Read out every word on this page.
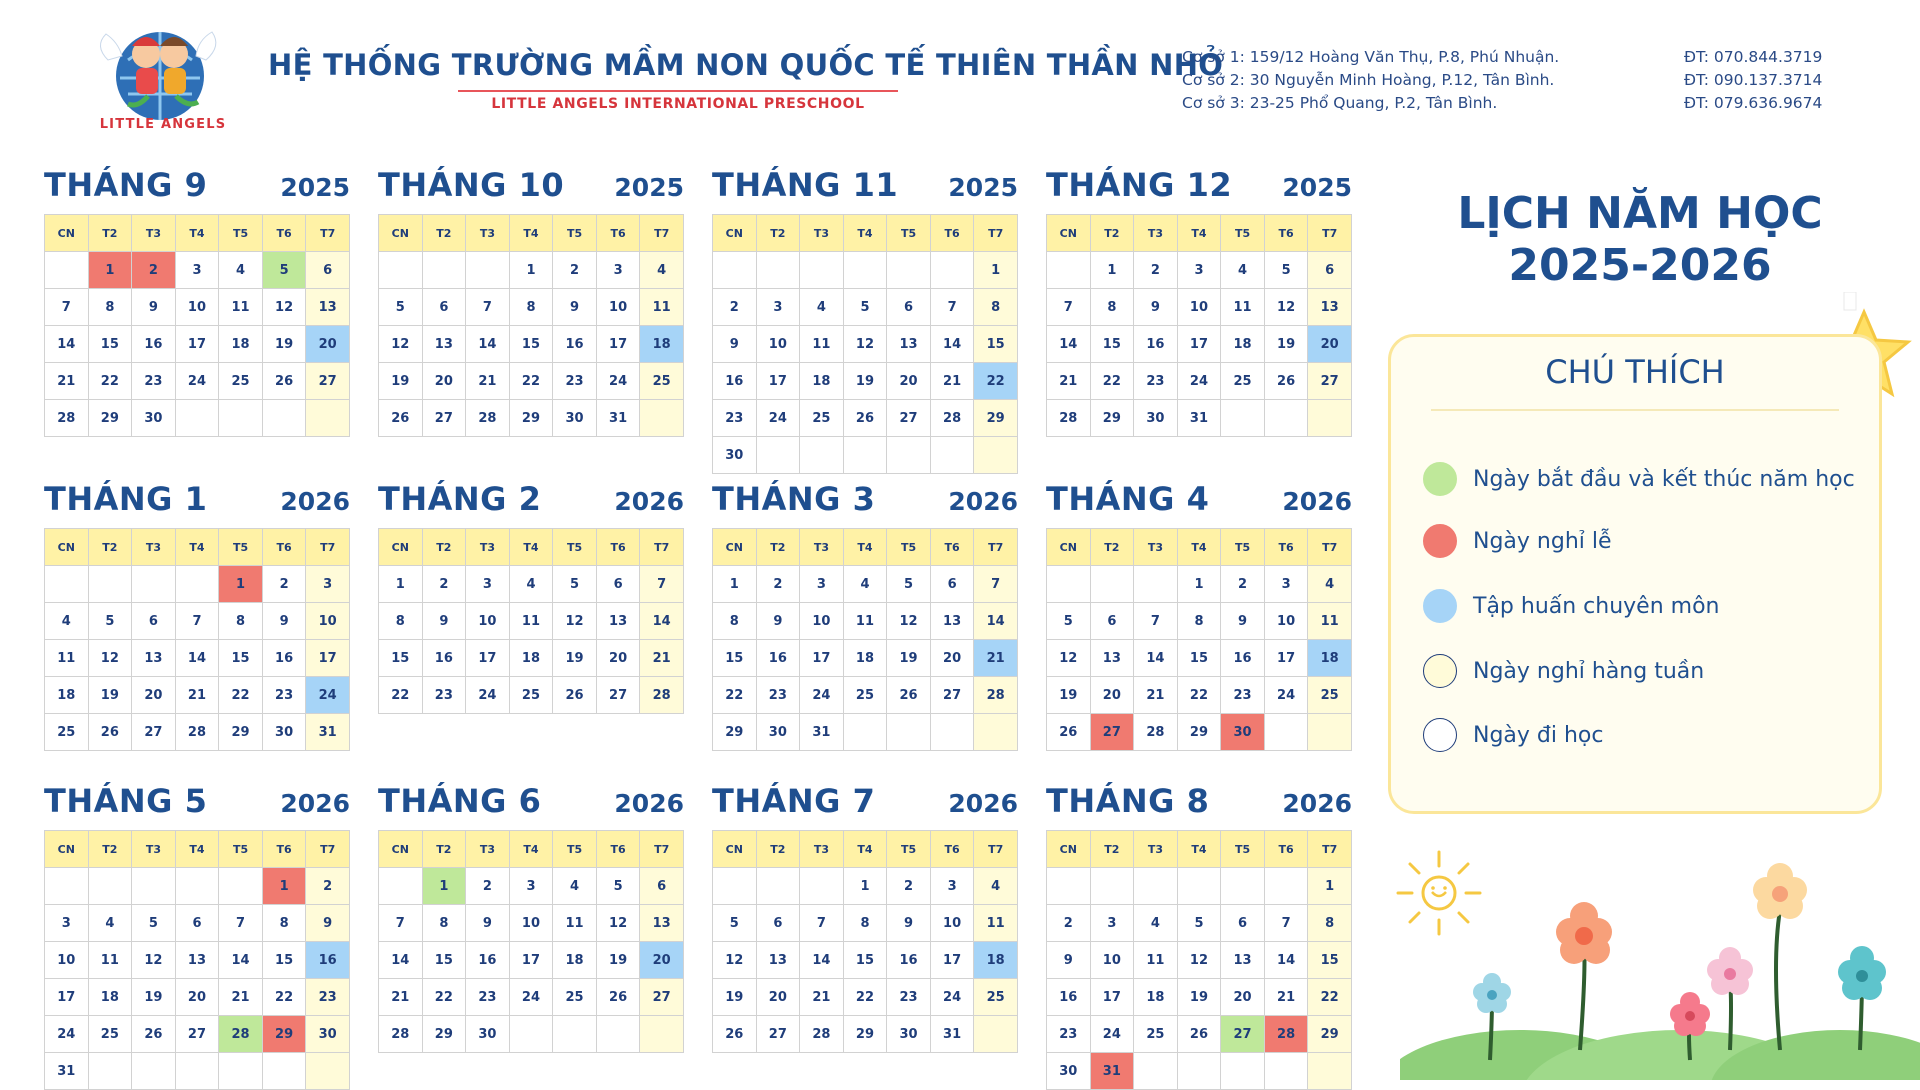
LITTLE ANGELS
HỆ THỐNG TRƯỜNG MẦM NON QUỐC TẾ THIÊN THẦN NHỎ
LITTLE ANGELS INTERNATIONAL PRESCHOOL
Cơ sở 1: 159/12 Hoàng Văn Thụ, P.8, Phú Nhuận.
Cơ sở 2: 30 Nguyễn Minh Hoàng, P.12, Tân Bình.
Cơ sở 3: 23-25 Phổ Quang, P.2, Tân Bình.
ĐT: 070.844.3719
ĐT: 090.137.3714
ĐT: 079.636.9674
THÁNG 9	2025
CN	T2	T3	T4	T5	T6	T7
	1	2	3	4	5	6
7	8	9	10	11	12	13
14	15	16	17	18	19	20
21	22	23	24	25	26	27
28	29	30				
THÁNG 10 2025
CN	T2	T3	T4	T5	T6	T7
			1	2	3	4
5	6	7	8	9	10	11
12	13	14	15	16	17	18
19	20	21	22	23	24	25
26	27	28	29	30	31	
THÁNG 11 2025
CN	T2	T3	T4	T5	T6	T7
						1
2	3	4	5	6	7	8
9	10	11	12	13	14	15
16	17	18	19	20	21	22
23	24	25	26	27	28	29
30						
THÁNG 12 2025
CN	T2	T3	T4	T5	T6	T7
	1	2	3	4	5	6
7	8	9	10	11	12	13
14	15	16	17	18	19	20
21	22	23	24	25	26	27
28	29	30	31			
THÁNG 1	2026
CN	T2	T3	T4	T5	T6	T7
				1	2	3
4	5	6	7	8	9	10
11	12	13	14	15	16	17
18	19	20	21	22	23	24
25	26	27	28	29	30	31
THÁNG 2	2026
CN	T2	T3	T4	T5	T6	T7
1	2	3	4	5	6	7
8	9	10	11	12	13	14
15	16	17	18	19	20	21
22	23	24	25	26	27	28
THÁNG 3	2026
CN	T2	T3	T4	T5	T6	T7
1	2	3	4	5	6	7
8	9	10	11	12	13	14
15	16	17	18	19	20	21
22	23	24	25	26	27	28
29	30	31				
THÁNG 4	2026
CN	T2	T3	T4	T5	T6	T7
			1	2	3	4
5	6	7	8	9	10	11
12	13	14	15	16	17	18
19	20	21	22	23	24	25
26	27	28	29	30		
THÁNG 5	2026
CN	T2	T3	T4	T5	T6	T7
					1	2
3	4	5	6	7	8	9
10	11	12	13	14	15	16
17	18	19	20	21	22	23
24	25	26	27	28	29	30
31						
THÁNG 6	2026
CN	T2	T3	T4	T5	T6	T7
	1	2	3	4	5	6
7	8	9	10	11	12	13
14	15	16	17	18	19	20
21	22	23	24	25	26	27
28	29	30				
THÁNG 7	2026
CN	T2	T3	T4	T5	T6	T7
			1	2	3	4
5	6	7	8	9	10	11
12	13	14	15	16	17	18
19	20	21	22	23	24	25
26	27	28	29	30	31	
THÁNG 8	2026
CN	T2	T3	T4	T5	T6	T7
						1
2	3	4	5	6	7	8
9	10	11	12	13	14	15
16	17	18	19	20	21	22
23	24	25	26	27	28	29
30	31					
LỊCH NĂM HỌC
2025-2026
CHÚ THÍCH
Ngày bắt đầu và kết thúc năm học
Ngày nghỉ lễ
Tập huấn chuyên môn
Ngày nghỉ hàng tuần
Ngày đi học
